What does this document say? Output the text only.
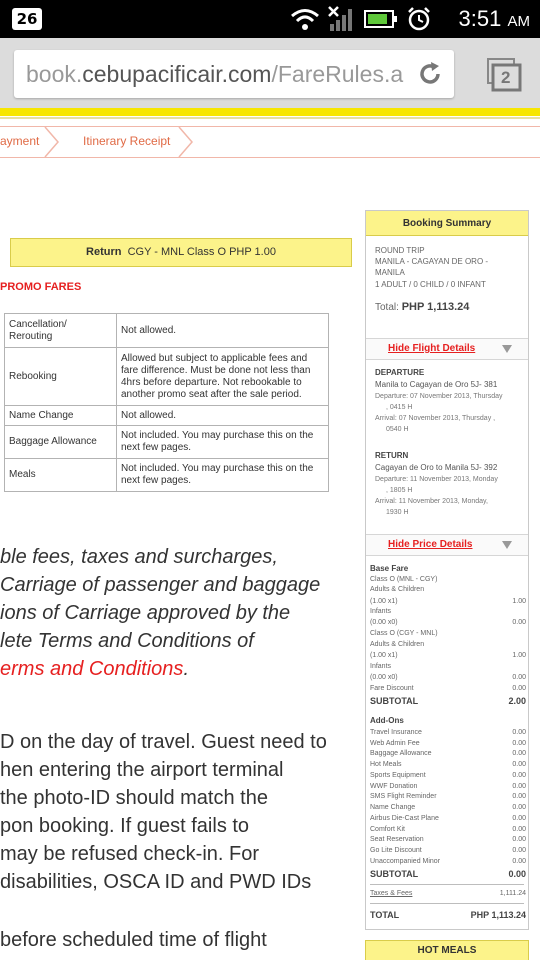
26	3:51 AM
book.cebupacificair.com/FareRules.a	2
ayment	Itinerary Receipt
Return CGY - MNL Class O PHP 1.00
PROMO FARES
Cancellation/ Rerouting	Not allowed.
Rebooking	Allowed but subject to applicable fees and fare difference. Must be done not less than 4hrs before departure. Not rebookable to another promo seat after the sale period.
Name Change	Not allowed.
Baggage Allowance	Not included. You may purchase this on the next few pages.
Meals	Not included. You may purchase this on the next few pages.
ble fees, taxes and surcharges,
Carriage of passenger and baggage
ions of Carriage approved by the
lete Terms and Conditions of
erms and Conditions.
D on the day of travel. Guest need to
hen entering the airport terminal
the photo-ID should match the
pon booking. If guest fails to
may be refused check-in. For
disabilities, OSCA ID and PWD IDs
before scheduled time of flight
Booking Summary
ROUND TRIP
MANILA - CAGAYAN DE ORO -
MANILA
1 ADULT / 0 CHILD / 0 INFANT
Total: PHP 1,113.24
Hide Flight Details
DEPARTURE
Manila to Cagayan de Oro 5J- 381
Departure: 07 November 2013, Thursday
, 0415 H
Arrival: 07 November 2013, Thursday ,
0540 H
RETURN
Cagayan de Oro to Manila 5J- 392
Departure: 11 November 2013, Monday
, 1805 H
Arrival: 11 November 2013, Monday,
1930 H
Hide Price Details
Base Fare
Class O (MNL - CGY)
Adults & Children
(1.00 x1)	1.00
Infants
(0.00 x0)	0.00
Class O (CGY - MNL)
Adults & Children
(1.00 x1)	1.00
Infants
(0.00 x0)	0.00
Fare Discount	0.00
SUBTOTAL	2.00
Add-Ons
Travel Insurance	0.00
Web Admin Fee	0.00
Baggage Allowance	0.00
Hot Meals	0.00
Sports Equipment	0.00
WWF Donation	0.00
SMS Flight Reminder	0.00
Name Change	0.00
Airbus Die-Cast Plane	0.00
Comfort Kit	0.00
Seat Reservation	0.00
Go Lite Discount	0.00
Unaccompanied Minor	0.00
SUBTOTAL	0.00
Taxes & Fees	1,111.24
TOTAL	PHP 1,113.24
HOT MEALS
